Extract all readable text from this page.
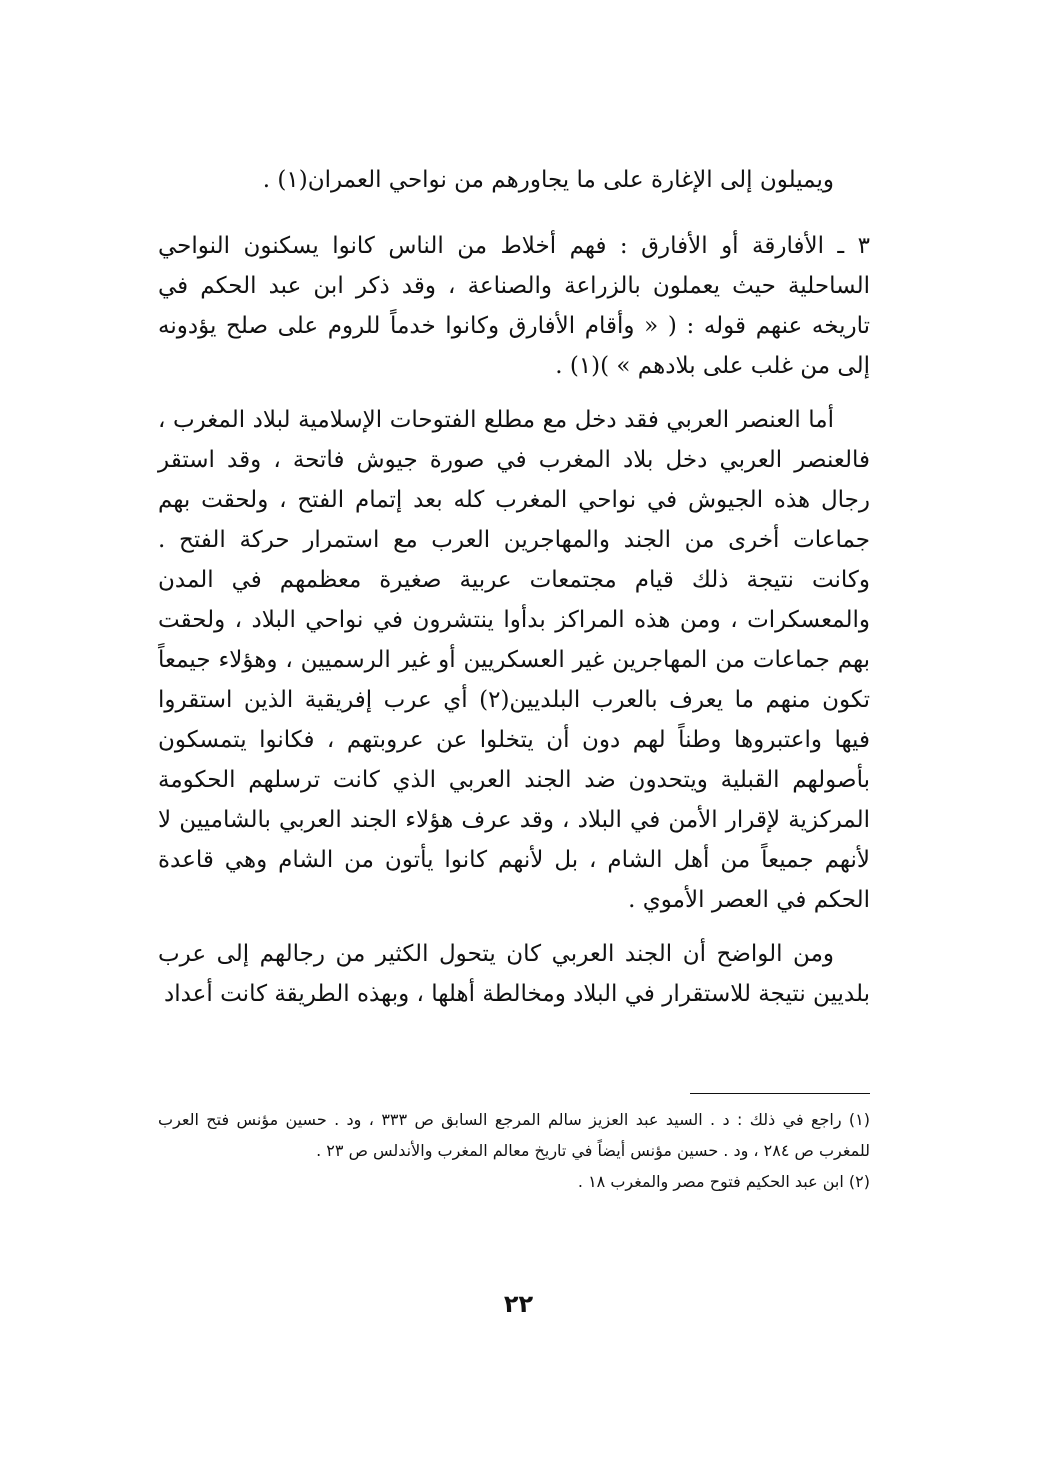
ويميلون إلى الإغارة على ما يجاورهم من نواحي العمران(١) .

٣ ـ الأفارقة أو الأفارق : فهم أخلاط من الناس كانوا يسكنون النواحي الساحلية حيث يعملون بالزراعة والصناعة ، وقد ذكر ابن عبد الحكم في تاريخه عنهم قوله : ( « وأقام الأفارق وكانوا خدماً للروم على صلح يؤدونه إلى من غلب على بلادهم » )(١) .

أما العنصر العربي فقد دخل مع مطلع الفتوحات الإسلامية لبلاد المغرب ، فالعنصر العربي دخل بلاد المغرب في صورة جيوش فاتحة ، وقد استقر رجال هذه الجيوش في نواحي المغرب كله بعد إتمام الفتح ، ولحقت بهم جماعات أخرى من الجند والمهاجرين العرب مع استمرار حركة الفتح . وكانت نتيجة ذلك قيام مجتمعات عربية صغيرة معظمهم في المدن والمعسكرات ، ومن هذه المراكز بدأوا ينتشرون في نواحي البلاد ، ولحقت بهم جماعات من المهاجرين غير العسكريين أو غير الرسميين ، وهؤلاء جيمعاً تكون منهم ما يعرف بالعرب البلديين(٢) أي عرب إفريقية الذين استقروا فيها واعتبروها وطناً لهم دون أن يتخلوا عن عروبتهم ، فكانوا يتمسكون بأصولهم القبلية ويتحدون ضد الجند العربي الذي كانت ترسلهم الحكومة المركزية لإقرار الأمن في البلاد ، وقد عرف هؤلاء الجند العربي بالشاميين لا لأنهم جميعاً من أهل الشام ، بل لأنهم كانوا يأتون من الشام وهي قاعدة الحكم في العصر الأموي .

ومن الواضح أن الجند العربي كان يتحول الكثير من رجالهم إلى عرب بلديين نتيجة للاستقرار في البلاد ومخالطة أهلها ، وبهذه الطريقة كانت أعداد

(١) راجع في ذلك : د . السيد عبد العزيز سالم المرجع السابق ص ٣٣٣ ، ود . حسين مؤنس فتح العرب للمغرب ص ٢٨٤ ، ود . حسين مؤنس أيضاً في تاريخ معالم المغرب والأندلس ص ٢٣ .

(٢) ابن عبد الحكيم فتوح مصر والمغرب ١٨ .

٢٢
